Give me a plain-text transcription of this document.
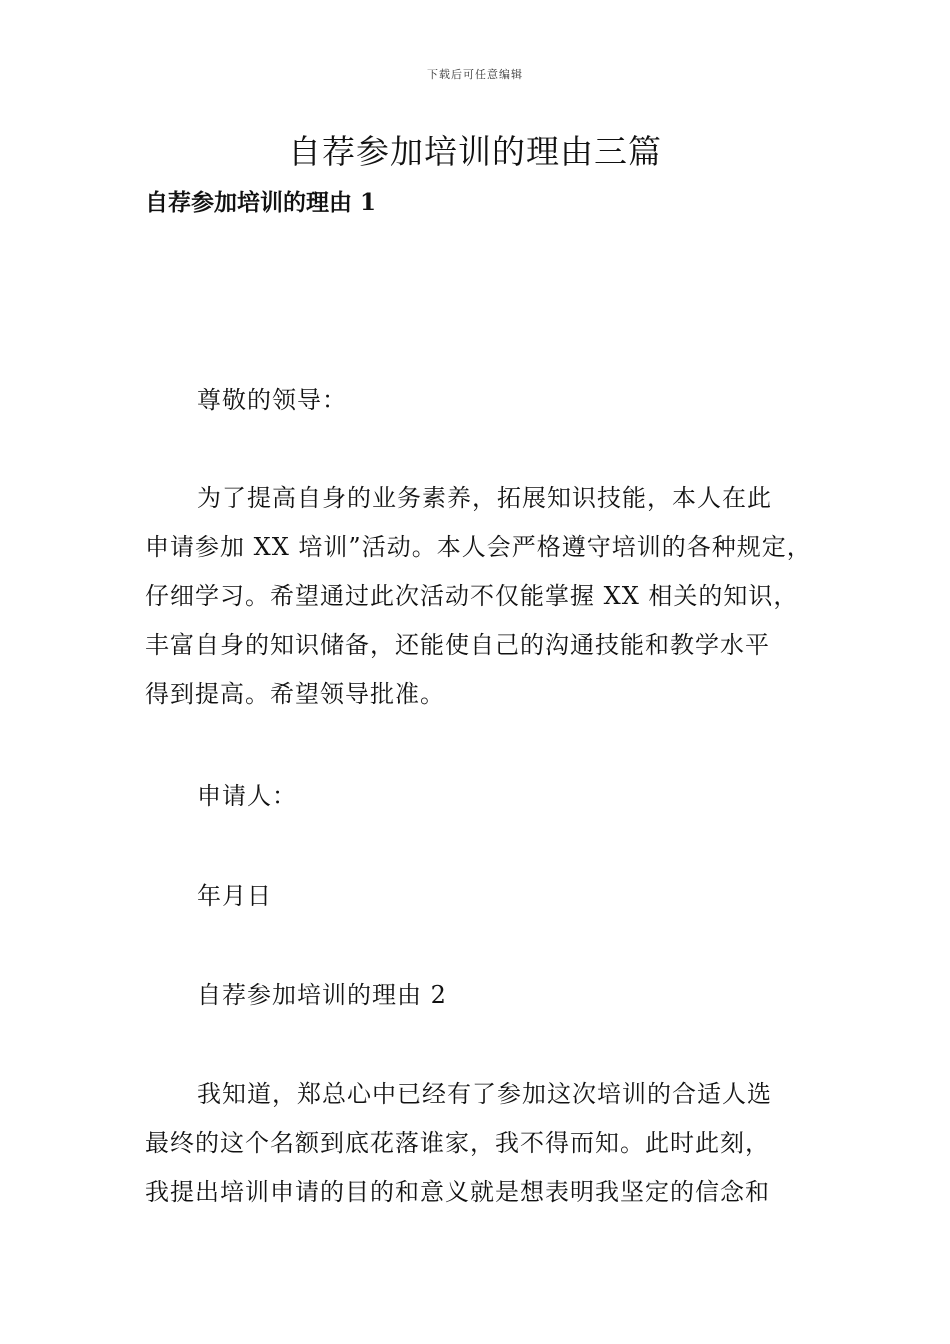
下载后可任意编辑
自荐参加培训的理由三篇
自荐参加培训的理由 1

尊敬的领导：

为了提高自身的业务素养，拓展知识技能，本人在此
申请参加 XX 培训”活动。本人会严格遵守培训的各种规定，
仔细学习。希望通过此次活动不仅能掌握 XX 相关的知识，
丰富自身的知识储备，还能使自己的沟通技能和教学水平
得到提高。希望领导批准。

申请人：

年月日

自荐参加培训的理由 2

我知道，郑总心中已经有了参加这次培训的合适人选
最终的这个名额到底花落谁家，我不得而知。此时此刻，
我提出培训申请的目的和意义就是想表明我坚定的信念和
